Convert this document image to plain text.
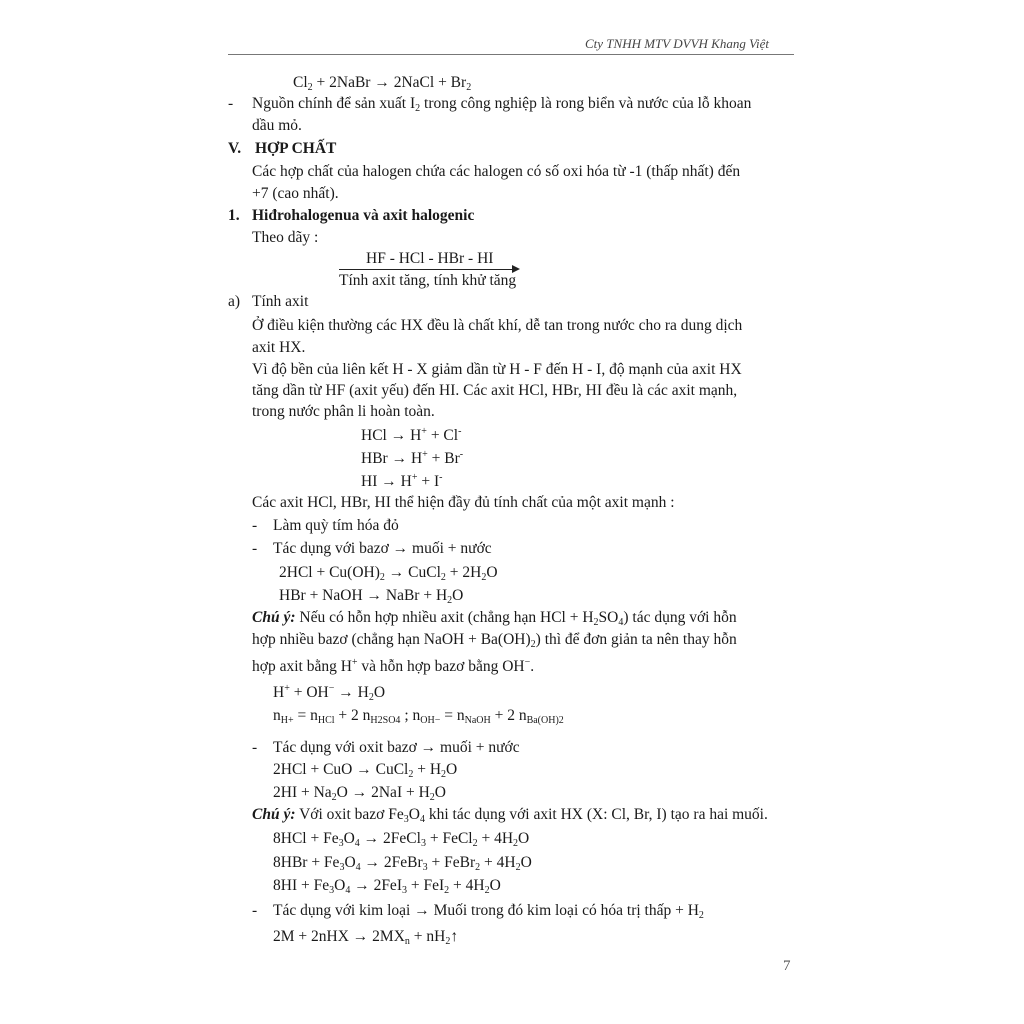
Cty TNHH MTV DVVH Khang Việt
$Cl_2$ + 2NaBr → 2NaCl + $Br_2$
- Nguồn chính để sản xuất $I_2$ trong công nghiệp là rong biển và nước của lỗ khoan
dầu mỏ.
V. HỢP CHẤT
Các hợp chất của halogen chứa các halogen có số oxi hóa từ -1 (thấp nhất) đến
+7 (cao nhất).
1. Hiđrohalogenua và axit halogenic
Theo dãy :
HF - HCl - HBr - HI
Tính axit tăng, tính khử tăng
a) Tính axit
Ở điều kiện thường các HX đều là chất khí, dễ tan trong nước cho ra dung dịch
axit HX.
Vì độ bền của liên kết H - X giảm dần từ H - F đến H - I, độ mạnh của axit HX
tăng dần từ HF (axit yếu) đến HI. Các axit HCl, HBr, HI đều là các axit mạnh,
trong nước phân li hoàn toàn.
HCl → H+ + Cl-
HBr → H+ + Br-
HI → H+ + I-
Các axit HCl, HBr, HI thể hiện đầy đủ tính chất của một axit mạnh :
- Làm quỳ tím hóa đỏ
- Tác dụng với bazơ → muối + nước
$2HCl + Cu(OH)_2$ → CuCl$_2$ + $2H_2O$
HBr + NaOH → NaBr + $H_2O$
Chú ý: Nếu có hỗn hợp nhiều axit (chẳng hạn HCl + $H_2SO_4$) tác dụng với hỗn
hợp nhiều bazơ (chẳng hạn NaOH + $Ba(OH)_2$) thì để đơn giản ta nên thay hỗn
hợp axit bằng H+ và hỗn hợp bazơ bằng OH−.
$H^+ + OH^- \to H_2O$
$n_{H+} = n_{HCl} + 2$ $n_{H2SO4}$ ; $n_{OH-} = n_{NaOH} + 2$ $n_{Ba(OH)2}$
- Tác dụng với oxit bazơ → muối + nước
2HCl + CuO → CuCl$_2$ + $H_2O$
$2HI + Na_2O \to 2NaI + H_2O$
Chú ý: Với oxit bazơ $Fe_3O_4$ khi tác dụng với axit HX (X: Cl, Br, I) tạo ra hai muối.
$8HCl + Fe_3O_4$ → 2FeCl$_3$ + FeCl$_2$ + $4H_2O$
$8HBr + Fe_3O_4$ → 2FeBr$_3$ + FeBr$_2$ + $4H_2O$
$8HI + Fe_3O_4 \to 2FeI_3 + FeI_2 + 4H_2O$
- Tác dụng với kim loại → Muối trong đó kim loại có hóa trị thấp + $H_2$
$2M + 2nHX \to 2MX_n$ + $nH_2↑$
7
